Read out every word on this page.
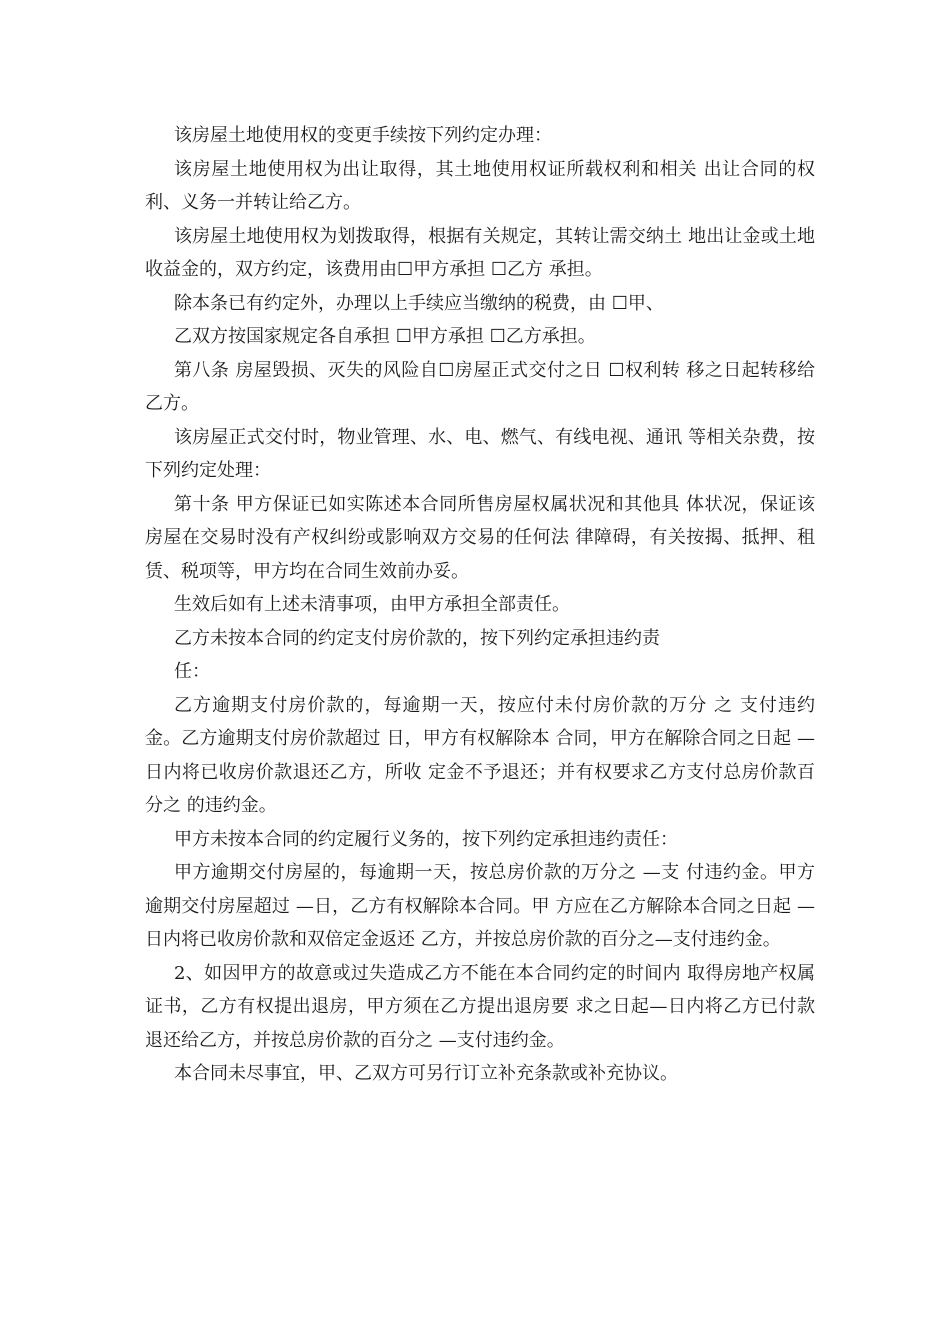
该房屋土地使用权的变更手续按下列约定办理：

该房屋土地使用权为出让取得，其土地使用权证所载权利和相关 出让合同的权利、义务一并转让给乙方。

该房屋土地使用权为划拨取得，根据有关规定，其转让需交纳土 地出让金或土地收益金的，双方约定，该费用由☐甲方承担 ☐乙方 承担。

除本条已有约定外，办理以上手续应当缴纳的税费，由 ☐甲、

乙双方按国家规定各自承担 ☐甲方承担 ☐乙方承担。

第八条 房屋毁损、灭失的风险自☐房屋正式交付之日 ☐权利转 移之日起转移给乙方。

该房屋正式交付时，物业管理、水、电、燃气、有线电视、通讯 等相关杂费，按下列约定处理：

第十条 甲方保证已如实陈述本合同所售房屋权属状况和其他具 体状况，保证该房屋在交易时没有产权纠纷或影响双方交易的任何法 律障碍，有关按揭、抵押、租赁、税项等，甲方均在合同生效前办妥。

生效后如有上述未清事项，由甲方承担全部责任。

乙方未按本合同的约定支付房价款的，按下列约定承担违约责

任：

乙方逾期支付房价款的，每逾期一天，按应付未付房价款的万分 之 支付违约金。乙方逾期支付房价款超过 日，甲方有权解除本 合同，甲方在解除合同之日起 —日内将已收房价款退还乙方，所收 定金不予退还；并有权要求乙方支付总房价款百分之 的违约金。

甲方未按本合同的约定履行义务的，按下列约定承担违约责任：

甲方逾期交付房屋的，每逾期一天，按总房价款的万分之 —支 付违约金。甲方逾期交付房屋超过 —日，乙方有权解除本合同。甲 方应在乙方解除本合同之日起 —日内将已收房价款和双倍定金返还 乙方，并按总房价款的百分之—支付违约金。

2、如因甲方的故意或过失造成乙方不能在本合同约定的时间内 取得房地产权属证书，乙方有权提出退房，甲方须在乙方提出退房要 求之日起—日内将乙方已付款退还给乙方，并按总房价款的百分之 —支付违约金。

本合同未尽事宜，甲、乙双方可另行订立补充条款或补充协议。
